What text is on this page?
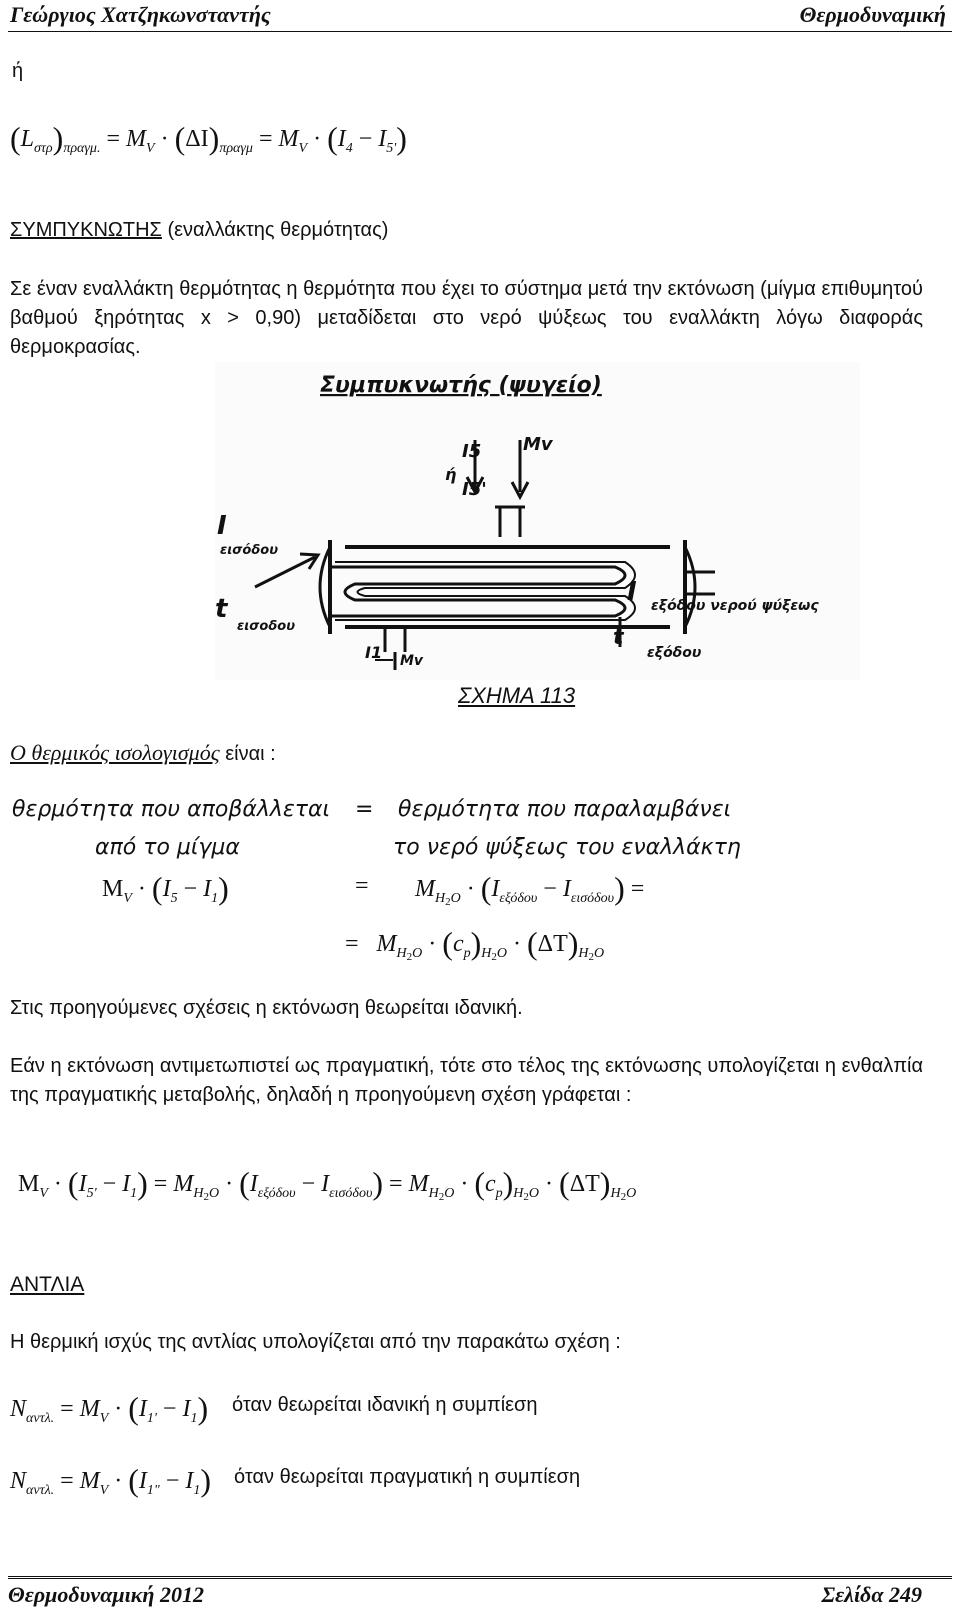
Γεώργιος Χατζηκωνσταντής	Θερμοδυναμική
ή
$(L_{\sigma\tau\rho})_{\pi\rho\alpha\gamma\mu.} = M_V \cdot (\Delta I)_{\pi\rho\alpha\gamma\mu} = M_V \cdot (I_4 - I_{5'})$
ΣΥΜΠΥΚΝΩΤΗΣ (εναλλάκτης θερμότητας)
Σε έναν εναλλάκτη θερμότητας η θερμότητα που έχει το σύστημα μετά την εκτόνωση (μίγμα επιθυμητού βαθμού ξηρότητας x > 0,90) μεταδίδεται στο νερό ψύξεως του εναλλάκτη λόγω διαφοράς θερμοκρασίας.
Συμπυκνωτής (ψυγείο)
I5
ή
I5'
Mv
I
εισόδου
t
εισοδου
I εξόδου νερού ψύξεως
t
εξόδου
I1 Mv
ΣΧΗΜΑ 113
Ο θερμικός ισολογισμός είναι :
θερμότητα που αποβάλλεται = θερμότητα που παραλαμβάνει
από το μίγμα	το νερό ψύξεως του εναλλάκτη
$M_V \cdot (I_5 - I_1)$	= $M_{H_2O} \cdot (I_{\varepsilon\xi ό\delta o\upsilon} - I_{\varepsilon\iota\sigma ό\delta o\upsilon})$ =
=   $M_{H_2O} \cdot (c_p)_{H_2O} \cdot (\Delta T)_{H_2O}$
Στις προηγούμενες σχέσεις η εκτόνωση θεωρείται ιδανική.
Εάν η εκτόνωση αντιμετωπιστεί ως πραγματική, τότε στο τέλος της εκτόνωσης υπολογίζεται η ενθαλπία της πραγματικής μεταβολής, δηλαδή η προηγούμενη σχέση γράφεται :
$M_V \cdot (I_{5'} - I_1) = M_{H_2O} \cdot (I_{\varepsilon\xi ό\delta o\upsilon} - I_{\varepsilon\iota\sigma ό\delta o\upsilon}) = M_{H_2O} \cdot (c_p)_{H_2O} \cdot (\Delta T)_{H_2O}$
ΑΝΤΛΙΑ
Η θερμική ισχύς της αντλίας υπολογίζεται από την παρακάτω σχέση :
$N_{\alpha\nu\tau\lambda.} = M_V \cdot (I_{1'} - I_1)$ όταν θεωρείται ιδανική η συμπίεση
$N_{\alpha\nu\tau\lambda.} = M_V \cdot (I_{1"} - I_1)$ όταν θεωρείται πραγματική η συμπίεση
Θερμοδυναμική 2012	Σελίδα 249
